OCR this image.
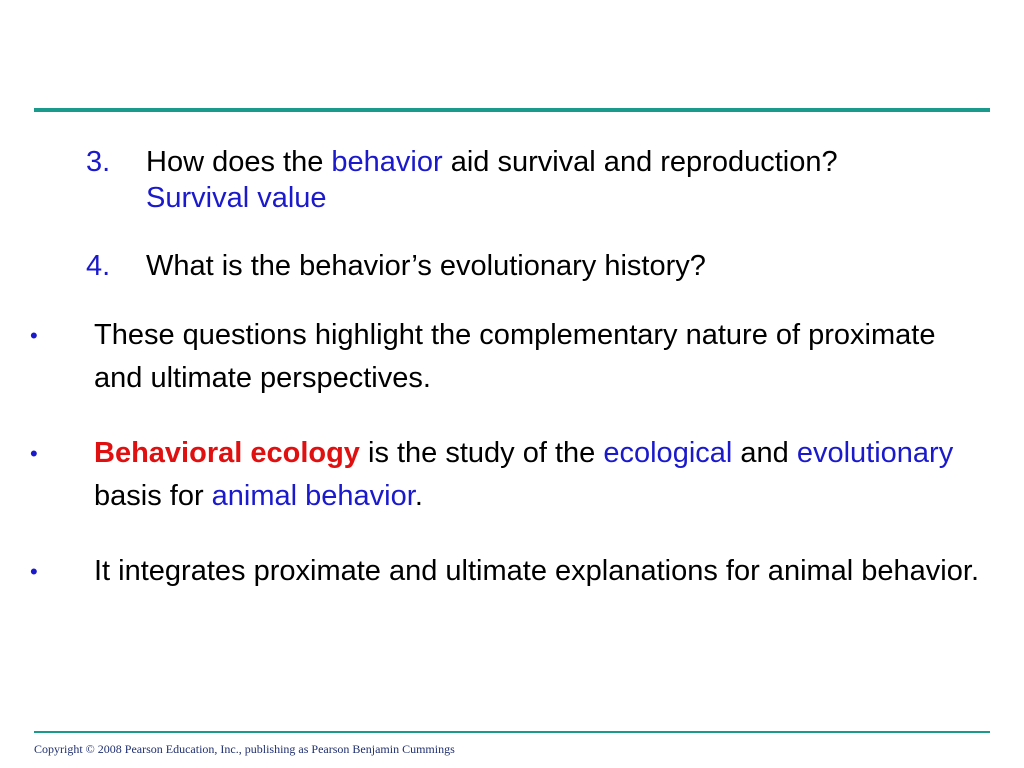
3. How does the behavior aid survival and reproduction? Survival value
4. What is the behavior’s evolutionary history?
• These questions highlight the complementary nature of proximate and ultimate perspectives.
• Behavioral ecology is the study of the ecological and evolutionary basis for animal behavior.
• It integrates proximate and ultimate explanations for animal behavior.
Copyright © 2008 Pearson Education, Inc., publishing as Pearson Benjamin Cummings
